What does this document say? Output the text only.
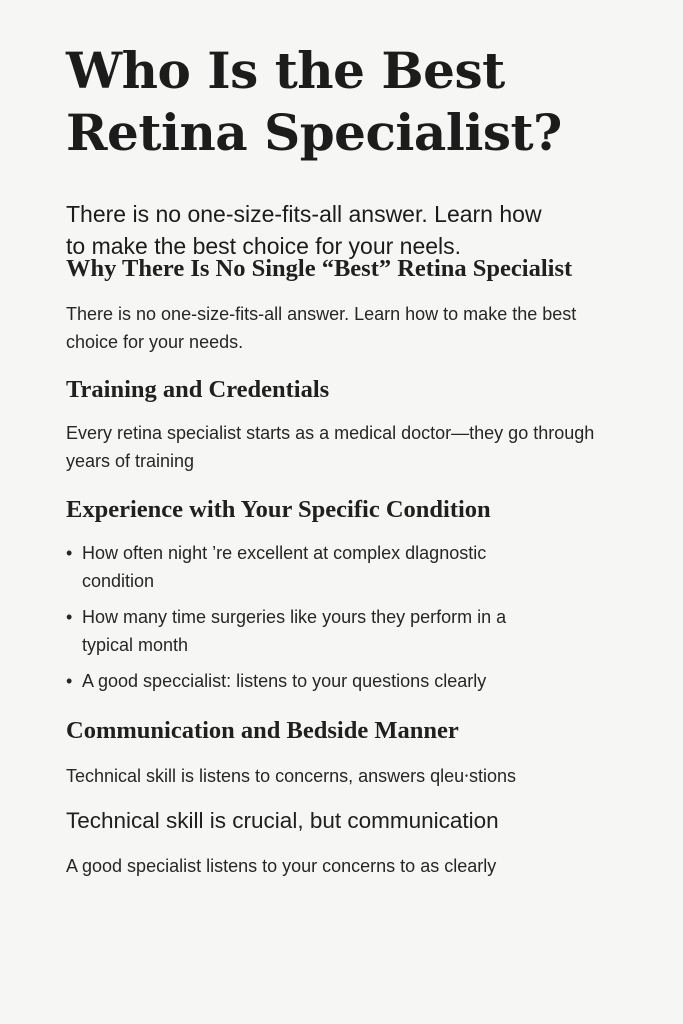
Who Is the Best
Retina Specialist?

There is no one-size-fits-all answer. Learn how to make the best choice for your neels.

Why There Is No Single “Best” Retina Specialist

There is no one-size-fits-all answer. Learn how to make the best choice for your needs.

Training and Credentials

Every retina specialist starts as a medical doctor—they go through years of training

Experience with Your Specific Condition
• How often night ’re excellent at complex dlagnostic condition
• How many time surgeries like yours they perform in a typical month
• A good speccialist: listens to your questions clearly
Communication and Bedside Manner

Technical skill is listens to concerns, answers qleu⸱stions

Technical skill is crucial, but communication

A good specialist listens to your concerns to as clearly
